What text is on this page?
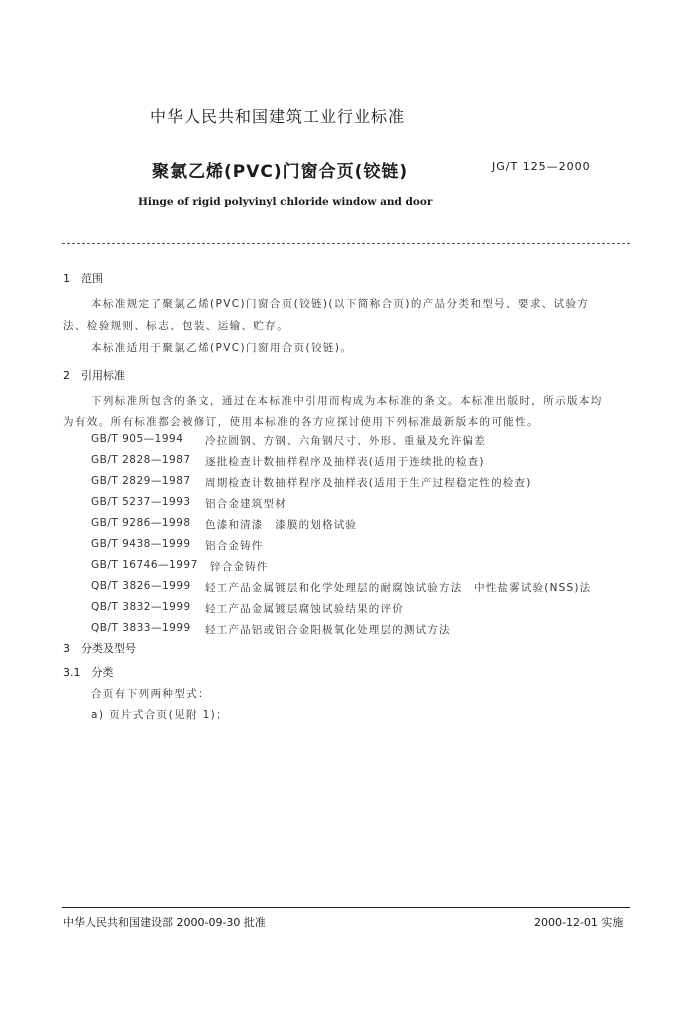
中华人民共和国建筑工业行业标准
聚氯乙烯(PVC)门窗合页(铰链)	JG/T 125—2000
Hinge of rigid polyvinyl chloride window and door
1　范围
本标准规定了聚氯乙烯(PVC)门窗合页(铰链)(以下简称合页)的产品分类和型号、要求、试验方
法、检验规则、标志、包装、运输、贮存。
本标准适用于聚氯乙烯(PVC)门窗用合页(铰链)。
2　引用标准
下列标准所包含的条文，通过在本标准中引用而构成为本标准的条文。本标准出版时，所示版本均
为有效。所有标准都会被修订，使用本标准的各方应探讨使用下列标准最新版本的可能性。
GB/T 905—1994 冷拉圆钢、方钢、六角钢尺寸、外形、重量及允许偏差
GB/T 2828—1987 逐批检查计数抽样程序及抽样表(适用于连续批的检查)
GB/T 2829—1987 周期检查计数抽样程序及抽样表(适用于生产过程稳定性的检查)
GB/T 5237—1993 铝合金建筑型材
GB/T 9286—1998 色漆和清漆　漆膜的划格试验
GB/T 9438—1999 铝合金铸件
GB/T 16746—1997 锌合金铸件
QB/T 3826—1999 轻工产品金属镀层和化学处理层的耐腐蚀试验方法　中性盐雾试验(NSS)法
QB/T 3832—1999 轻工产品金属镀层腐蚀试验结果的评价
QB/T 3833—1999 轻工产品铝或铝合金阳极氧化处理层的测试方法
3　分类及型号
3.1　分类
合页有下列两种型式：
a) 页片式合页(见附 1)；
中华人民共和国建设部 2000-09-30 批准	2000-12-01 实施
